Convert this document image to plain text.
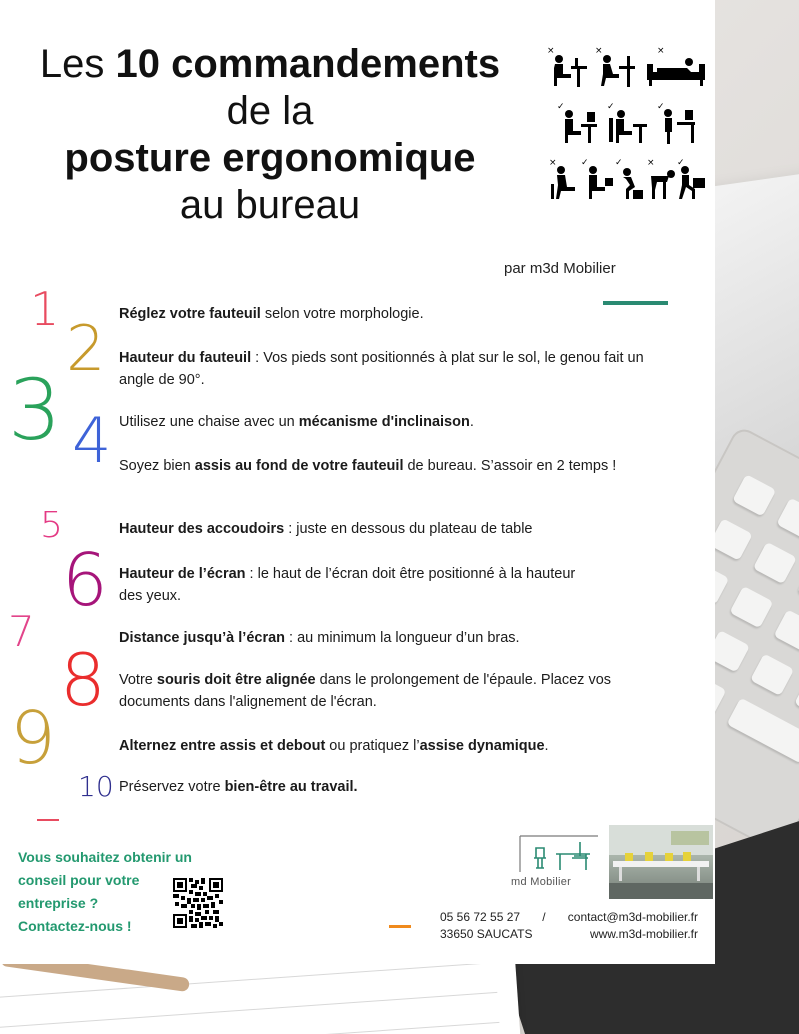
Les 10 commandements
de la
posture ergonomique
au bureau
×	×	×
✓	✓	✓
×	✓	✓	× ✓
par m3d Mobilier
1
2
3 4
5
6
7
8
9
10
Réglez votre fauteuil selon votre morphologie.
Hauteur du fauteuil : Vos pieds sont positionnés à plat sur le sol, le genou fait un angle de 90°.
Utilisez une chaise avec un mécanisme d'inclinaison.
Soyez bien assis au fond de votre fauteuil de bureau. S’assoir en 2 temps !
Hauteur des accoudoirs : juste en dessous du plateau de table
Hauteur de l’écran : le haut de l’écran doit être positionné à la hauteur des yeux.
Distance jusqu’à l’écran : au minimum la longueur d’un bras.
Votre souris doit être alignée dans le prolongement de l'épaule. Placez vos documents dans l'alignement de l'écran.
Alternez entre assis et debout ou pratiquez l’assise dynamique.
Préservez votre bien-être au travail.
Vous souhaitez obtenir un
conseil pour votre
entreprise ?
Contactez-nous !
md Mobilier
05 56 72 55 27 / contact@m3d-mobilier.fr
33650 SAUCATS	www.m3d-mobilier.fr
